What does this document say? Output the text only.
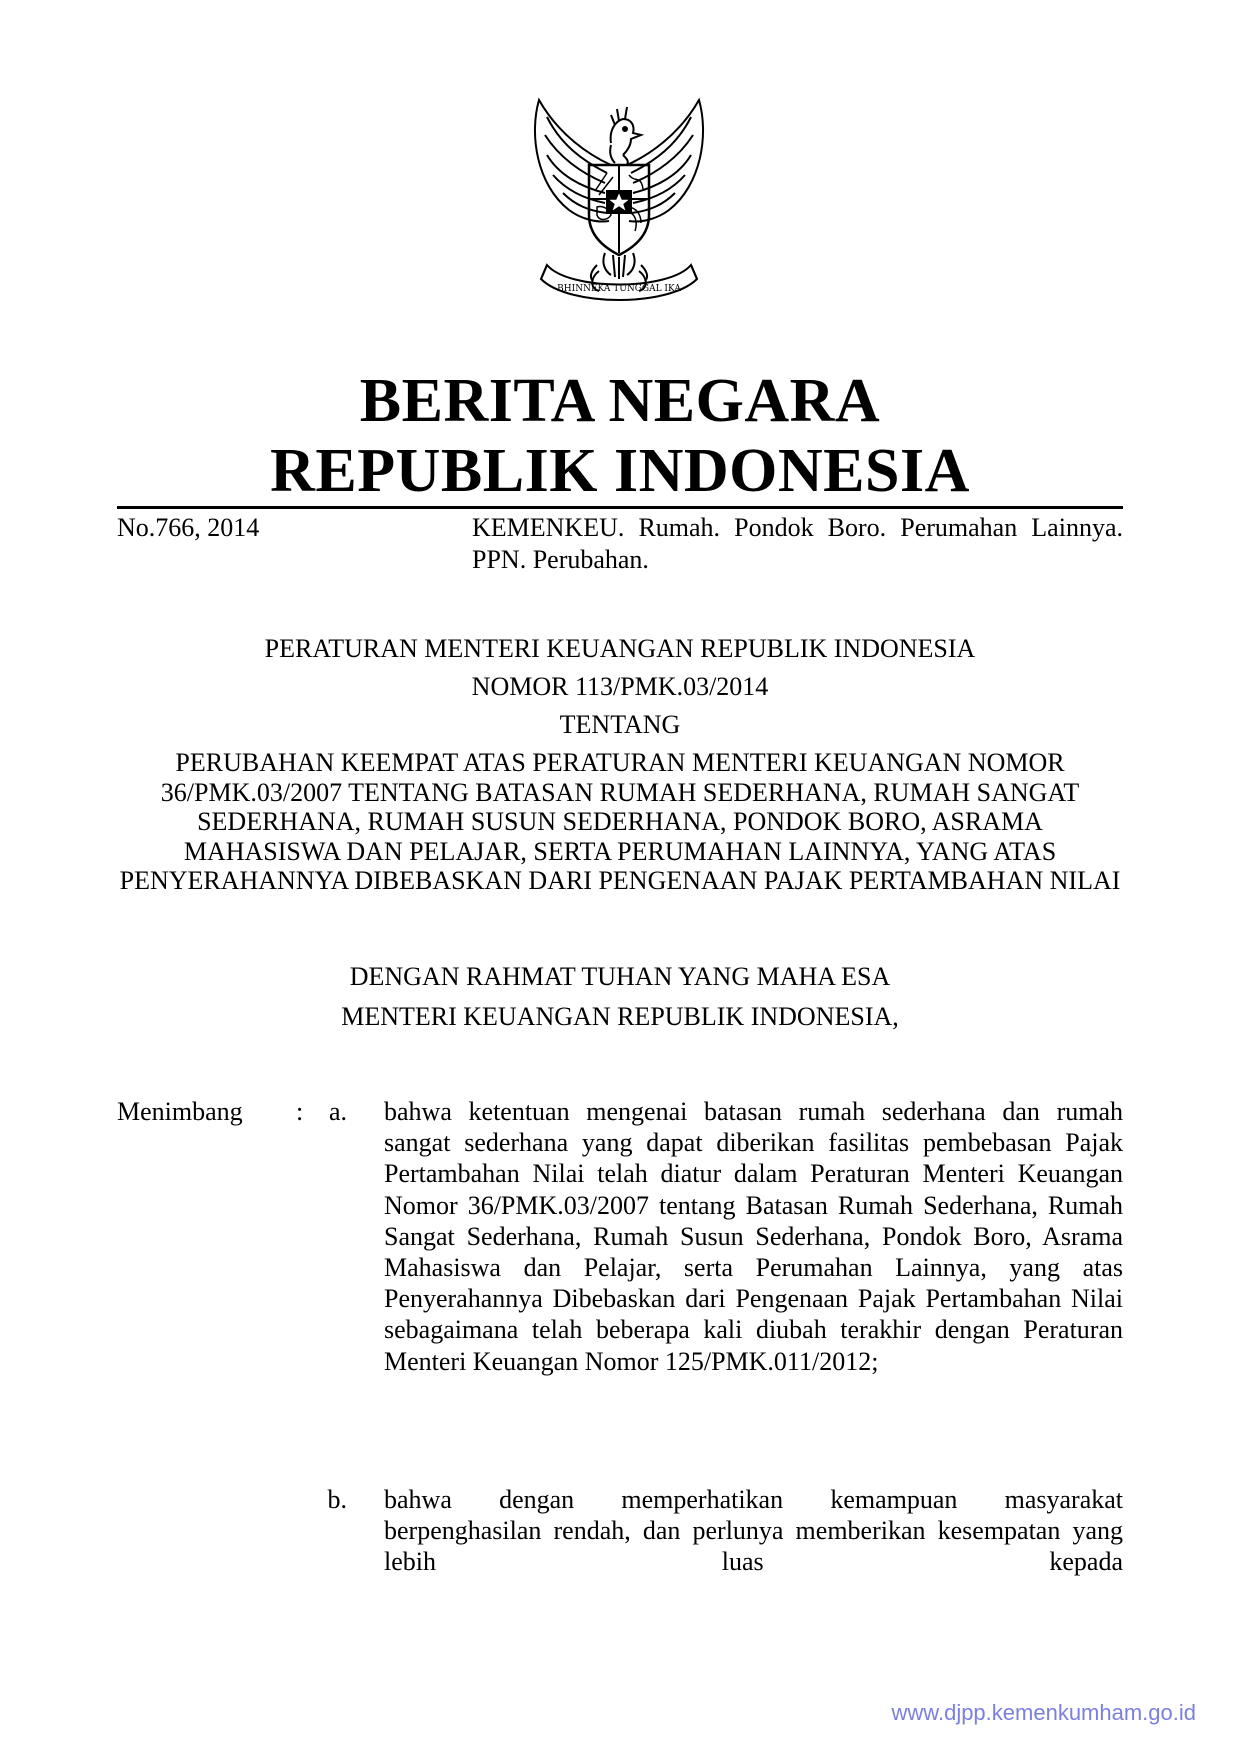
BHINNEKA TUNGGAL IKA
BERITA NEGARA
REPUBLIK INDONESIA
No.766, 2014	KEMENKEU. Rumah. Pondok Boro. Perumahan Lainnya. PPN. Perubahan.
PERATURAN MENTERI KEUANGAN REPUBLIK INDONESIA
NOMOR 113/PMK.03/2014
TENTANG
PERUBAHAN KEEMPAT ATAS PERATURAN MENTERI KEUANGAN NOMOR 36/PMK.03/2007 TENTANG BATASAN RUMAH SEDERHANA, RUMAH SANGAT SEDERHANA, RUMAH SUSUN SEDERHANA, PONDOK BORO, ASRAMA MAHASISWA DAN PELAJAR, SERTA PERUMAHAN LAINNYA, YANG ATAS PENYERAHANNYA DIBEBASKAN DARI PENGENAAN PAJAK PERTAMBAHAN NILAI
DENGAN RAHMAT TUHAN YANG MAHA ESA
MENTERI KEUANGAN REPUBLIK INDONESIA,
Menimbang : a. bahwa ketentuan mengenai batasan rumah sederhana dan rumah sangat sederhana yang dapat diberikan fasilitas pembebasan Pajak Pertambahan Nilai telah diatur dalam Peraturan Menteri Keuangan Nomor 36/PMK.03/2007 tentang Batasan Rumah Sederhana, Rumah Sangat Sederhana, Rumah Susun Sederhana, Pondok Boro, Asrama Mahasiswa dan Pelajar, serta Perumahan Lainnya, yang atas Penyerahannya Dibebaskan dari Pengenaan Pajak Pertambahan Nilai sebagaimana telah beberapa kali diubah terakhir dengan Peraturan Menteri Keuangan Nomor 125/PMK.011/2012;
b. bahwa dengan memperhatikan kemampuan masyarakat berpenghasilan rendah, dan perlunya memberikan kesempatan yang lebih luas kepada
www.djpp.kemenkumham.go.id
